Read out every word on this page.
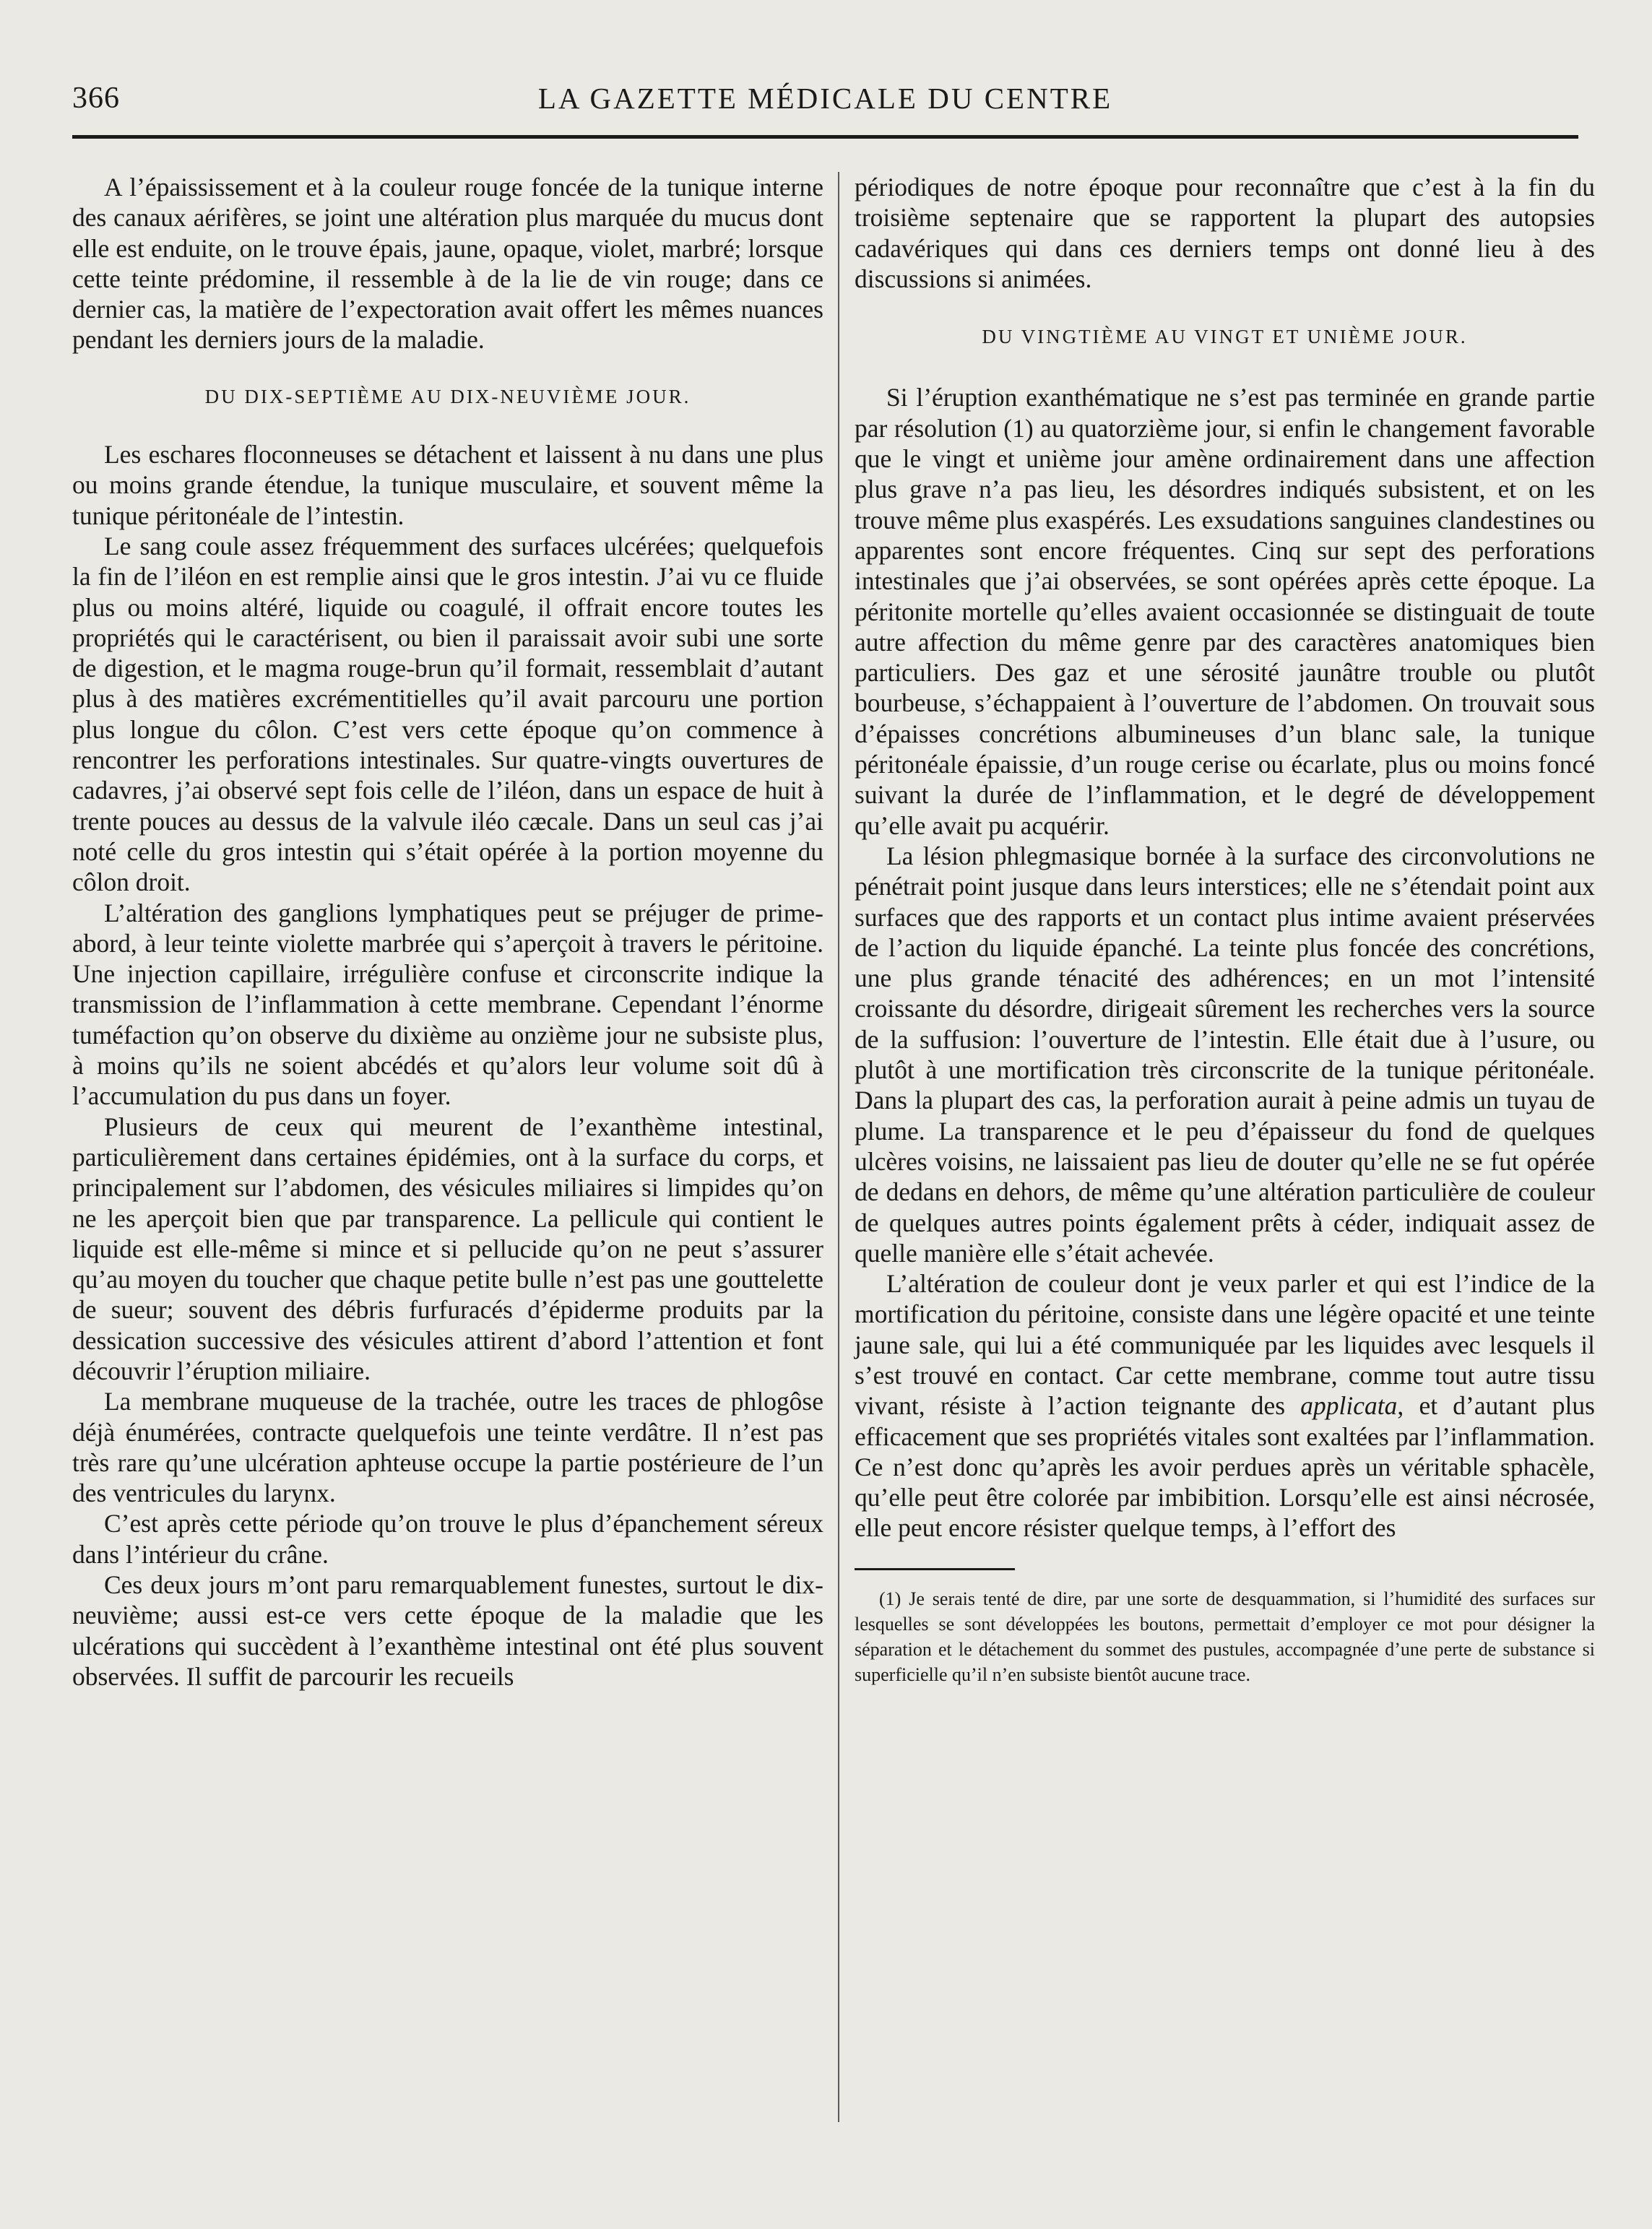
366	LA GAZETTE MÉDICALE DU CENTRE

A l’épaississement et à la couleur rouge foncée de la tunique interne des canaux aérifères, se joint une altération plus marquée du mucus dont elle est enduite, on le trouve épais, jaune, opaque, violet, marbré; lorsque cette teinte prédomine, il ressemble à de la lie de vin rouge; dans ce dernier cas, la matière de l’expectoration avait offert les mêmes nuances pendant les derniers jours de la maladie.

DU DIX-SEPTIÈME AU DIX-NEUVIÈME JOUR.

Les eschares floconneuses se détachent et laissent à nu dans une plus ou moins grande étendue, la tunique musculaire, et souvent même la tunique péritonéale de l’intestin.

Le sang coule assez fréquemment des surfaces ulcérées; quelquefois la fin de l’iléon en est remplie ainsi que le gros intestin. J’ai vu ce fluide plus ou moins altéré, liquide ou coagulé, il offrait encore toutes les propriétés qui le caractérisent, ou bien il paraissait avoir subi une sorte de digestion, et le magma rouge-brun qu’il formait, ressemblait d’autant plus à des matières excrémentitielles qu’il avait parcouru une portion plus longue du côlon. C’est vers cette époque qu’on commence à rencontrer les perforations intestinales. Sur quatre-vingts ouvertures de cadavres, j’ai observé sept fois celle de l’iléon, dans un espace de huit à trente pouces au dessus de la valvule iléo cæcale. Dans un seul cas j’ai noté celle du gros intestin qui s’était opérée à la portion moyenne du côlon droit.

L’altération des ganglions lymphatiques peut se préjuger de prime-abord, à leur teinte violette marbrée qui s’aperçoit à travers le péritoine. Une injection capillaire, irrégulière confuse et circonscrite indique la transmission de l’inflammation à cette membrane. Cependant l’énorme tuméfaction qu’on observe du dixième au onzième jour ne subsiste plus, à moins qu’ils ne soient abcédés et qu’alors leur volume soit dû à l’accumulation du pus dans un foyer.

Plusieurs de ceux qui meurent de l’exanthème intestinal, particulièrement dans certaines épidémies, ont à la surface du corps, et principalement sur l’abdomen, des vésicules miliaires si limpides qu’on ne les aperçoit bien que par transparence. La pellicule qui contient le liquide est elle-même si mince et si pellucide qu’on ne peut s’assurer qu’au moyen du toucher que chaque petite bulle n’est pas une gouttelette de sueur; souvent des débris furfuracés d’épiderme produits par la dessication successive des vésicules attirent d’abord l’attention et font découvrir l’éruption miliaire.

La membrane muqueuse de la trachée, outre les traces de phlogôse déjà énumérées, contracte quelquefois une teinte verdâtre. Il n’est pas très rare qu’une ulcération aphteuse occupe la partie postérieure de l’un des ventricules du larynx.

C’est après cette période qu’on trouve le plus d’épanchement séreux dans l’intérieur du crâne.

Ces deux jours m’ont paru remarquablement funestes, surtout le dix-neuvième; aussi est-ce vers cette époque de la maladie que les ulcérations qui succèdent à l’exanthème intestinal ont été plus souvent observées. Il suffit de parcourir les recueils

périodiques de notre époque pour reconnaître que c’est à la fin du troisième septenaire que se rapportent la plupart des autopsies cadavériques qui dans ces derniers temps ont donné lieu à des discussions si animées.

DU VINGTIÈME AU VINGT ET UNIÈME JOUR.

Si l’éruption exanthématique ne s’est pas terminée en grande partie par résolution (1) au quatorzième jour, si enfin le changement favorable que le vingt et unième jour amène ordinairement dans une affection plus grave n’a pas lieu, les désordres indiqués subsistent, et on les trouve même plus exaspérés. Les exsudations sanguines clandestines ou apparentes sont encore fréquentes. Cinq sur sept des perforations intestinales que j’ai observées, se sont opérées après cette époque. La péritonite mortelle qu’elles avaient occasionnée se distinguait de toute autre affection du même genre par des caractères anatomiques bien particuliers. Des gaz et une sérosité jaunâtre trouble ou plutôt bourbeuse, s’échappaient à l’ouverture de l’abdomen. On trouvait sous d’épaisses concrétions albumineuses d’un blanc sale, la tunique péritonéale épaissie, d’un rouge cerise ou écarlate, plus ou moins foncé suivant la durée de l’inflammation, et le degré de développement qu’elle avait pu acquérir.

La lésion phlegmasique bornée à la surface des circonvolutions ne pénétrait point jusque dans leurs interstices; elle ne s’étendait point aux surfaces que des rapports et un contact plus intime avaient préservées de l’action du liquide épanché. La teinte plus foncée des concrétions, une plus grande ténacité des adhérences; en un mot l’intensité croissante du désordre, dirigeait sûrement les recherches vers la source de la suffusion: l’ouverture de l’intestin. Elle était due à l’usure, ou plutôt à une mortification très circonscrite de la tunique péritonéale. Dans la plupart des cas, la perforation aurait à peine admis un tuyau de plume. La transparence et le peu d’épaisseur du fond de quelques ulcères voisins, ne laissaient pas lieu de douter qu’elle ne se fut opérée de dedans en dehors, de même qu’une altération particulière de couleur de quelques autres points également prêts à céder, indiquait assez de quelle manière elle s’était achevée.

L’altération de couleur dont je veux parler et qui est l’indice de la mortification du péritoine, consiste dans une légère opacité et une teinte jaune sale, qui lui a été communiquée par les liquides avec lesquels il s’est trouvé en contact. Car cette membrane, comme tout autre tissu vivant, résiste à l’action teignante des applicata, et d’autant plus efficacement que ses propriétés vitales sont exaltées par l’inflammation. Ce n’est donc qu’après les avoir perdues après un véritable sphacèle, qu’elle peut être colorée par imbibition. Lorsqu’elle est ainsi nécrosée, elle peut encore résister quelque temps, à l’effort des

(1) Je serais tenté de dire, par une sorte de desquammation, si l’humidité des surfaces sur lesquelles se sont développées les boutons, permettait d’employer ce mot pour désigner la séparation et le détachement du sommet des pustules, accompagnée d’une perte de substance si superficielle qu’il n’en subsiste bientôt aucune trace.
